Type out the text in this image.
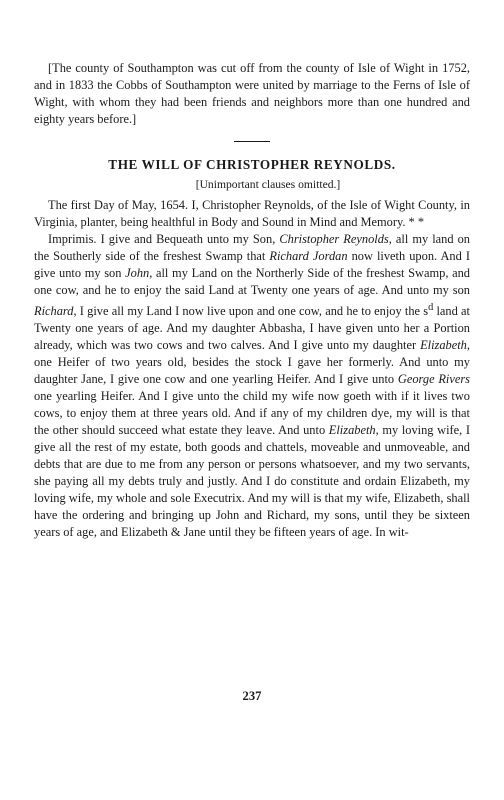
[The county of Southampton was cut off from the county of Isle of Wight in 1752, and in 1833 the Cobbs of Southampton were united by marriage to the Ferns of Isle of Wight, with whom they had been friends and neighbors more than one hundred and eighty years before.]

THE WILL OF CHRISTOPHER REYNOLDS.
[Unimportant clauses omitted.]

The first Day of May, 1654. I, Christopher Reynolds, of the Isle of Wight County, in Virginia, planter, being healthful in Body and Sound in Mind and Memory. * *

Imprimis. I give and Bequeath unto my Son, Christopher Reynolds, all my land on the Southerly side of the freshest Swamp that Richard Jordan now liveth upon. And I give unto my son John, all my Land on the Northerly Side of the freshest Swamp, and one cow, and he to enjoy the said Land at Twenty one years of age. And unto my son Richard, I give all my Land I now live upon and one cow, and he to enjoy the $s^d$ land at Twenty one years of age. And my daughter Abbasha, I have given unto her a Portion already, which was two cows and two calves. And I give unto my daughter Elizabeth, one Heifer of two years old, besides the stock I gave her formerly. And unto my daughter Jane, I give one cow and one yearling Heifer. And I give unto George Rivers one yearling Heifer. And I give unto the child my wife now goeth with if it lives two cows, to enjoy them at three years old. And if any of my children dye, my will is that the other should succeed what estate they leave. And unto Elizabeth, my loving wife, I give all the rest of my estate, both goods and chattels, moveable and unmoveable, and debts that are due to me from any person or persons whatsoever, and my two servants, she paying all my debts truly and justly. And I do constitute and ordain Elizabeth, my loving wife, my whole and sole Executrix. And my will is that my wife, Elizabeth, shall have the ordering and bringing up John and Richard, my sons, until they be sixteen years of age, and Elizabeth & Jane until they be fifteen years of age. In wit-

237
